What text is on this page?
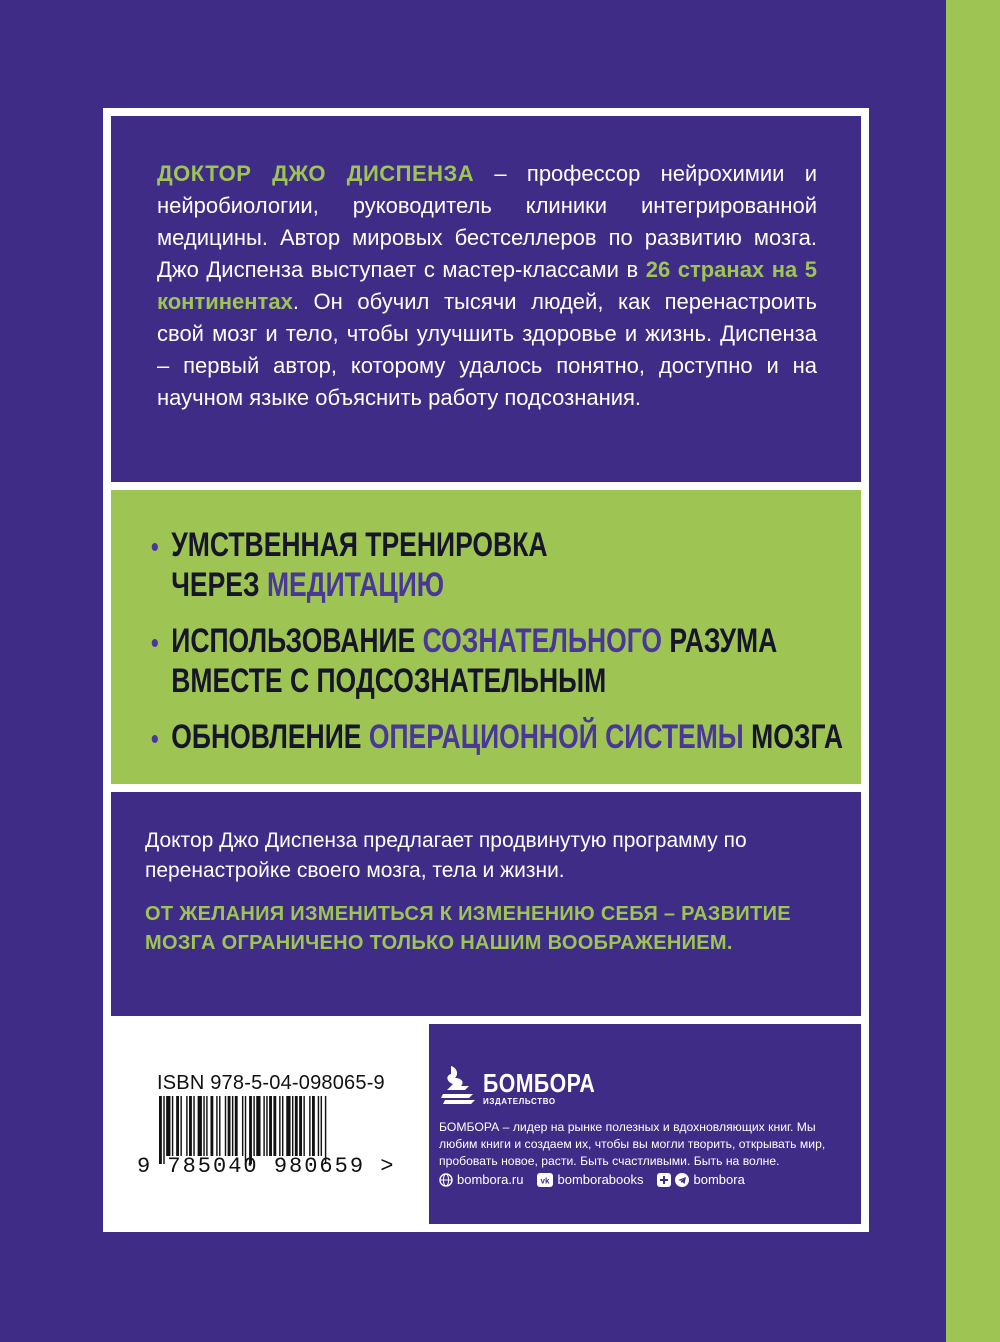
ДОКТОР ДЖО ДИСПЕНЗА – профессор нейрохимии и нейробиологии, руководитель клиники интегрированной медицины. Автор мировых бестселлеров по развитию мозга. Джо Диспенза выступает с мастер-классами в 26 странах на 5 континентах. Он обучил тысячи людей, как перенастроить свой мозг и тело, чтобы улучшить здоровье и жизнь. Диспенза – первый автор, которому удалось понятно, доступно и на научном языке объяснить работу подсознания.

• УМСТВЕННАЯ ТРЕНИРОВКА
ЧЕРЕЗ МЕДИТАЦИЮ
• ИСПОЛЬЗОВАНИЕ СОЗНАТЕЛЬНОГО РАЗУМА
ВМЕСТЕ С ПОДСОЗНАТЕЛЬНЫМ
• ОБНОВЛЕНИЕ ОПЕРАЦИОННОЙ СИСТЕМЫ МОЗГА

Доктор Джо Диспенза предлагает продвинутую программу по перенастройке своего мозга, тела и жизни.

ОТ ЖЕЛАНИЯ ИЗМЕНИТЬСЯ К ИЗМЕНЕНИЮ СЕБЯ – РАЗВИТИЕ МОЗГА ОГРАНИЧЕНО ТОЛЬКО НАШИМ ВООБРАЖЕНИЕМ.

ISBN 978-5-04-098065-9
9 785040 980659 >
БОМБОРА
ИЗДАТЕЛЬСТВО

БОМБОРА – лидер на рынке полезных и вдохновляющих книг. Мы любим книги и создаем их, чтобы вы могли творить, открывать мир, пробовать новое, расти. Быть счастливыми. Быть на волне.

bombora.ru vk bomborabooks	bombora
